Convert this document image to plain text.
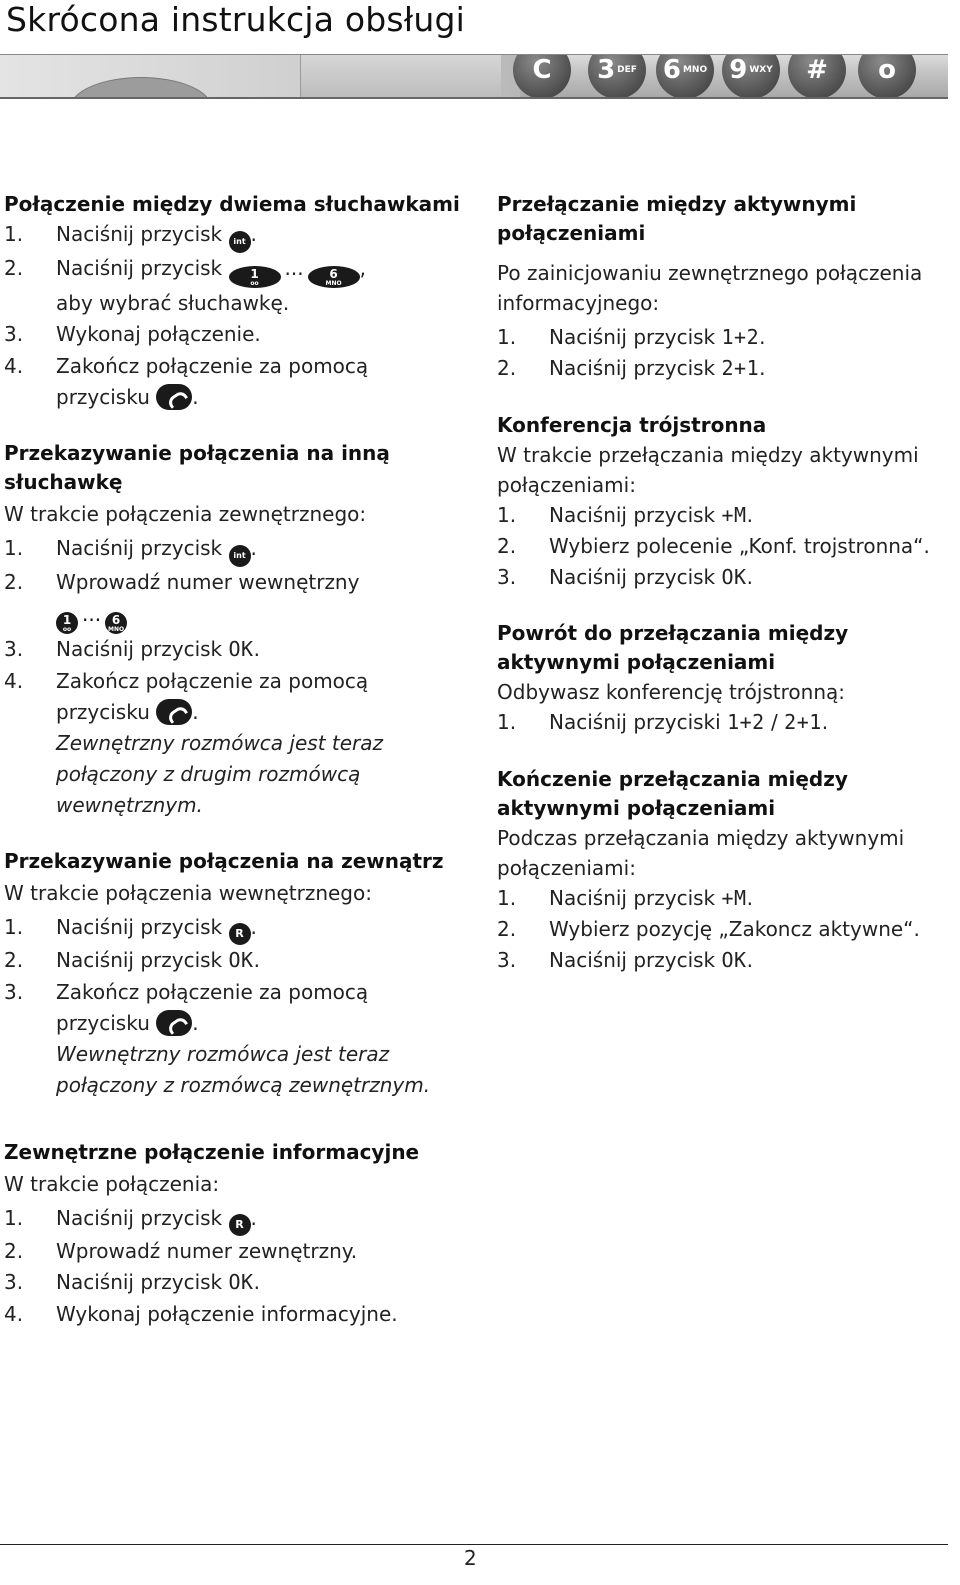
Skrócona instrukcja obsługi
C 3 DEF 6 MNO 9 WXY # o
Połączenie między dwiema słuchawkami
1.	Naciśnij przycisk int .
2.	Naciśnij przycisk 1
oo
... 6
MNO
,
aby wybrać słuchawkę.
3.	Wykonaj połączenie.
4.	Zakończ połączenie za pomocą
przycisku .
Przekazywanie połączenia na inną słuchawkę
W trakcie połączenia zewnętrznego:
1.	Naciśnij przycisk int .
2.	Wprowadź numer wewnętrzny
1
oo
... 6
MNO
3.	Naciśnij przycisk OK.
4.	Zakończ połączenie za pomocą
przycisku .
Zewnętrzny rozmówca jest teraz połączony z drugim rozmówcą wewnętrznym.
Przekazywanie połączenia na zewnątrz
W trakcie połączenia wewnętrznego:
1.	Naciśnij przycisk R .
2.	Naciśnij przycisk OK.
3.	Zakończ połączenie za pomocą
przycisku .
Wewnętrzny rozmówca jest teraz połączony z rozmówcą zewnętrznym.
Zewnętrzne połączenie informacyjne
W trakcie połączenia:
1.	Naciśnij przycisk R .
2.	Wprowadź numer zewnętrzny.
3.	Naciśnij przycisk OK.
4.	Wykonaj połączenie informacyjne.
Przełączanie między aktywnymi połączeniami
Po zainicjowaniu zewnętrznego połączenia informacyjnego:
1.	Naciśnij przycisk 1+2.
2.	Naciśnij przycisk 2+1.
Konferencja trójstronna
W trakcie przełączania między aktywnymi połączeniami:
1.	Naciśnij przycisk +M.
2.	Wybierz polecenie „Konf. trojstronna“.
3.	Naciśnij przycisk OK.
Powrót do przełączania między aktywnymi połączeniami
Odbywasz konferencję trójstronną:
1.	Naciśnij przyciski 1+2 / 2+1.
Kończenie przełączania między aktywnymi połączeniami
Podczas przełączania między aktywnymi połączeniami:
1.	Naciśnij przycisk +M.
2.	Wybierz pozycję „Zakoncz aktywne“.
3.	Naciśnij przycisk OK.
2
